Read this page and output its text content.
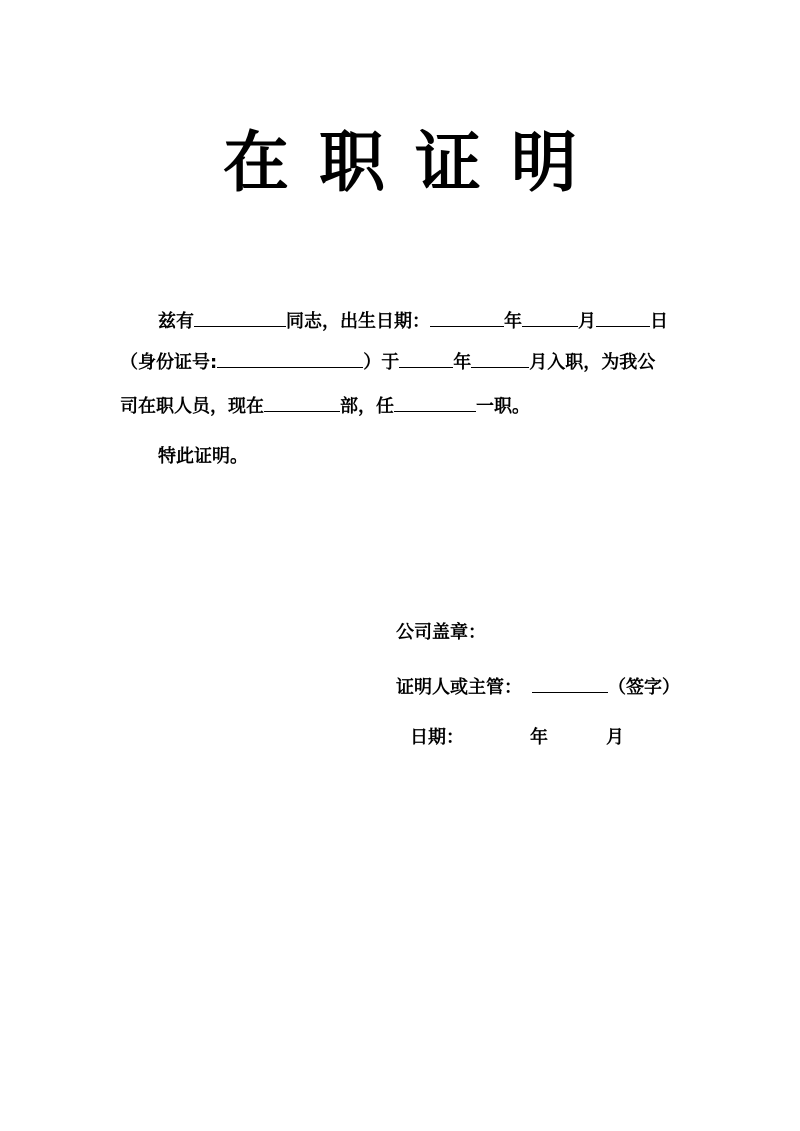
在职证明
兹有	同志，出生日期：	年	月	日
（身份证号:	）于	年	月入职，为我公
司在职人员，现在	部，任	一职。
特此证明。
公司盖章：
证明人或主管：	（签字）
日期：	年	月
